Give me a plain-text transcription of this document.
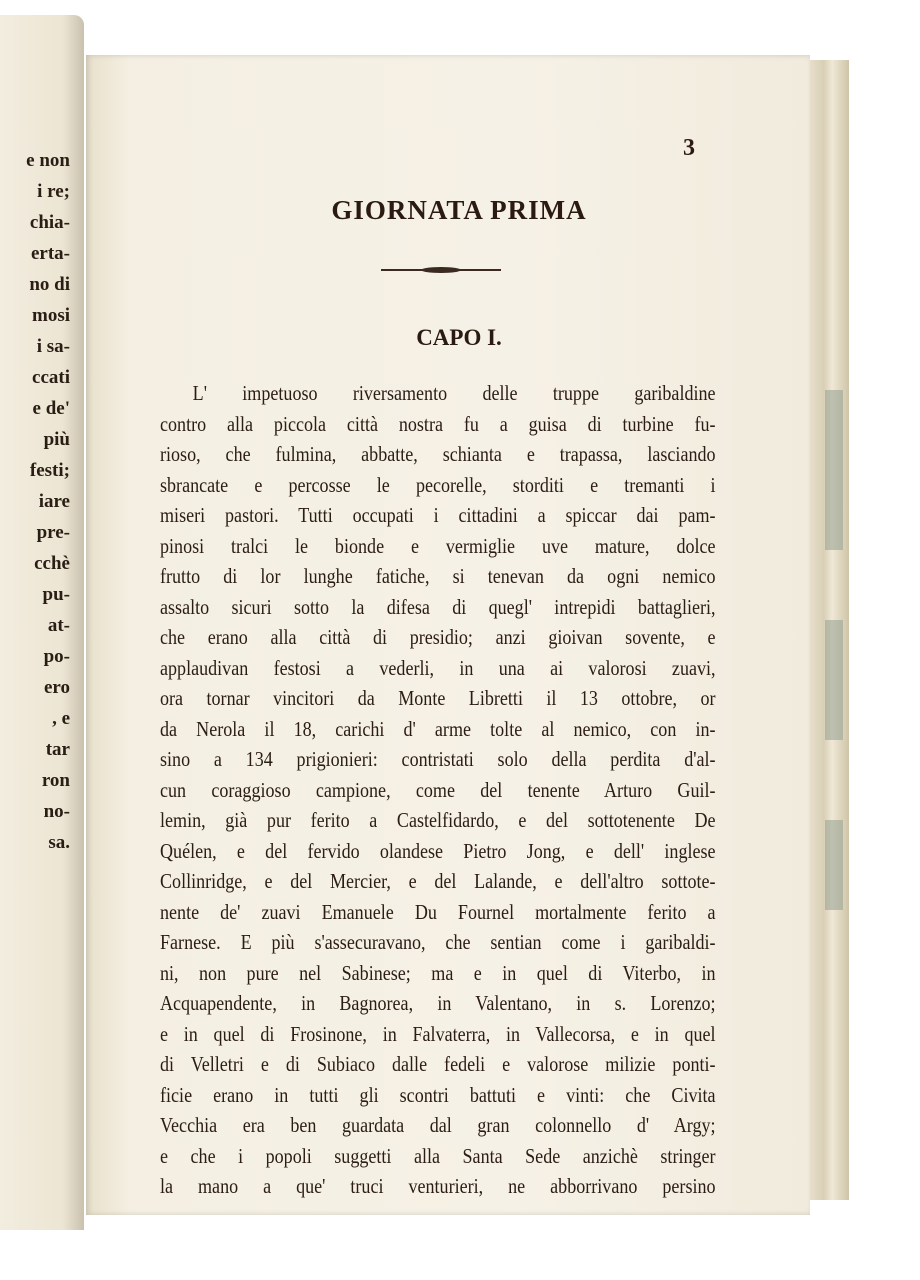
e non
i re;
chia-
erta-
no di
mosi
i sa-
ccati
e de'
più
festi;
iare
pre-
cchè
pu-
at-
po-
ero
, e
tar
ron
no-
sa.
3
GIORNATA PRIMA
CAPO I.
L' impetuoso riversamento delle truppe garibaldine
contro alla piccola città nostra fu a guisa di turbine fu-
rioso, che fulmina, abbatte, schianta e trapassa, lasciando
sbrancate e percosse le pecorelle, storditi e tremanti i
miseri pastori. Tutti occupati i cittadini a spiccar dai pam-
pinosi tralci le bionde e vermiglie uve mature, dolce
frutto di lor lunghe fatiche, si tenevan da ogni nemico
assalto sicuri sotto la difesa di quegl' intrepidi battaglieri,
che erano alla città di presidio; anzi gioivan sovente, e
applaudivan festosi a vederli, in una ai valorosi zuavi,
ora tornar vincitori da Monte Libretti il 13 ottobre, or
da Nerola il 18, carichi d' arme tolte al nemico, con in-
sino a 134 prigionieri: contristati solo della perdita d'al-
cun coraggioso campione, come del tenente Arturo Guil-
lemin, già pur ferito a Castelfidardo, e del sottotenente De
Quélen, e del fervido olandese Pietro Jong, e dell' inglese
Collinridge, e del Mercier, e del Lalande, e dell'altro sottote-
nente de' zuavi Emanuele Du Fournel mortalmente ferito a
Farnese. E più s'assecuravano, che sentian come i garibaldi-
ni, non pure nel Sabinese; ma e in quel di Viterbo, in
Acquapendente, in Bagnorea, in Valentano, in s. Lorenzo;
e in quel di Frosinone, in Falvaterra, in Vallecorsa, e in quel
di Velletri e di Subiaco dalle fedeli e valorose milizie ponti-
ficie erano in tutti gli scontri battuti e vinti: che Civita
Vecchia era ben guardata dal gran colonnello d' Argy;
e che i popoli suggetti alla Santa Sede anzichè stringer
la mano a que' truci venturieri, ne abborrivano persino
